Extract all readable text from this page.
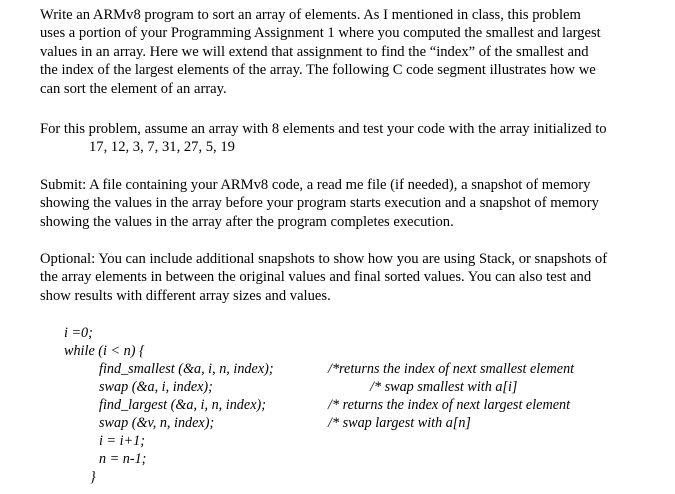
Write an ARMv8 program to sort an array of elements. As I mentioned in class, this problem
uses a portion of your Programming Assignment 1 where you computed the smallest and largest
values in an array. Here we will extend that assignment to find the “index” of the smallest and
the index of the largest elements of the array. The following C code segment illustrates how we
can sort the element of an array.
For this problem, assume an array with 8 elements and test your code with the array initialized to
17, 12, 3, 7, 31, 27, 5, 19
Submit: A file containing your ARMv8 code, a read me file (if needed), a snapshot of memory
showing the values in the array before your program starts execution and a snapshot of memory
showing the values in the array after the program completes execution.
Optional: You can include additional snapshots to show how you are using Stack, or snapshots of
the array elements in between the original values and final sorted values. You can also test and
show results with different array sizes and values.
i =0;
while (i < n) {
find_smallest (&a, i, n, index);
swap (&a, i, index);
find_largest (&a, i, n, index);
swap (&v, n, index);
i = i+1;
n = n-1;
}
/*returns the index of next smallest element
/* swap smallest with a[i]
/* returns the index of next largest element
/* swap largest with a[n]
